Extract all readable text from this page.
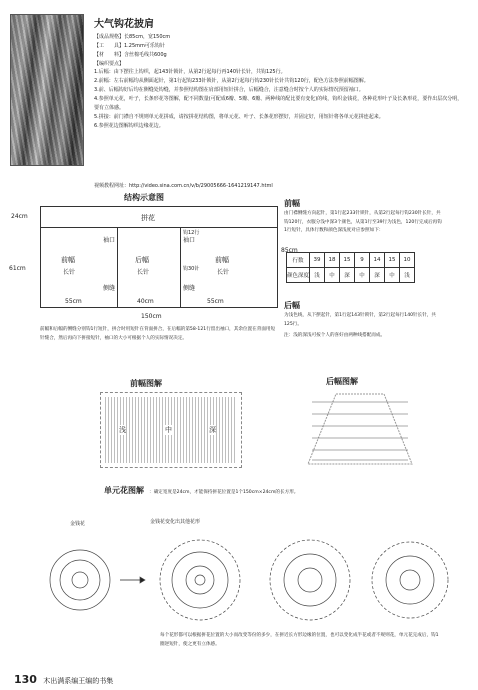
大气钩花披肩
【成品规格】长85cm，宽150cm
【工　　具】1.25mm可乐钩针
【材　　料】含丝棉毛线共600g
【编织要点】
1.后幅：由下摆往上钩织，起143针锁针，从第2行起每行再140针长针，共钩125行。
2.前幅：左右前幅均从侧面起针，第1行起钩233针锁针，从第2行起每行钩230针长针共钩120行，配色方法参照前幅图解。
3.前、后幅钩好后均在侧缝处钩缝，并参照结构图在肩部用短针拼合，后幅缝合，注意缝合时按个人的实际情况预留袖口。
4.参照单元花，叶子，长条形花等图解，配不同数量(可配成6瓣、5瓣、6瓣、两种线的配比要有变化)的线，钩织金钱花，各种花形叶子及长条形花，要作出层次分明，要有立体感。
5.拼接：前门襟自不规则单元花拼成，请按拼花结构图，将单元花、叶子、长条花形摆好，并固定好，用短针将各单元花拼连起来。
6.参照花边图解钩织边缘花边。
视频教程网址：http://video.sina.com.cn/v/b/29005666-1641219147.html
结构示意图
拼花
前幅
长针
后幅
长针
前幅
长针
袖口	袖口
侧缝	侧缝
钩12行
钩30针
24cm
61cm
85cm
55cm	40cm	55cm
150cm
前幅和后幅的侧缝分别钩1行短针，拼合时用短针在背面拼合，在后幅的第58-121行留出袖口，其余位置在背面用短针缝合，然后再向下拼接短针，袖口的大小可根据个人的实际情况决定。
前幅
由门襟侧缝方向起针，第1行起233针锁针，从第2行起每行钩230针长针，共钩120行，衣服分浅中深3个颜色，从第1行至39行为浅色，120行完成后再钩1行短针，具体行数和颜色深浅度对应参照如下：
行数	39	18	15	9	14	15	10
颜色深度	浅	中	深	中	深	中	浅
后幅
为浅色线，从下摆起针，第1行起143针锁针，第2行起每行140针长针，共125行。
注：浅的深浅可按个人的喜好由两种线搭配而成。
前幅图解
浅	中	深
后幅图解
单元花图解 ：确定宽度是24cm，才能保持拼花位置是1个150cm×24cm的长方形。
金钱花	金钱花变化出其他花形
每个花形都可以根据拼花位置的大小而改变等份的多少，在拼近长方形边缘的位置，也可以变化成半花或者不规则花，单元花完成后，钩1圈逆短针，使之更有立体感。
130 木出满系编王编的书集
